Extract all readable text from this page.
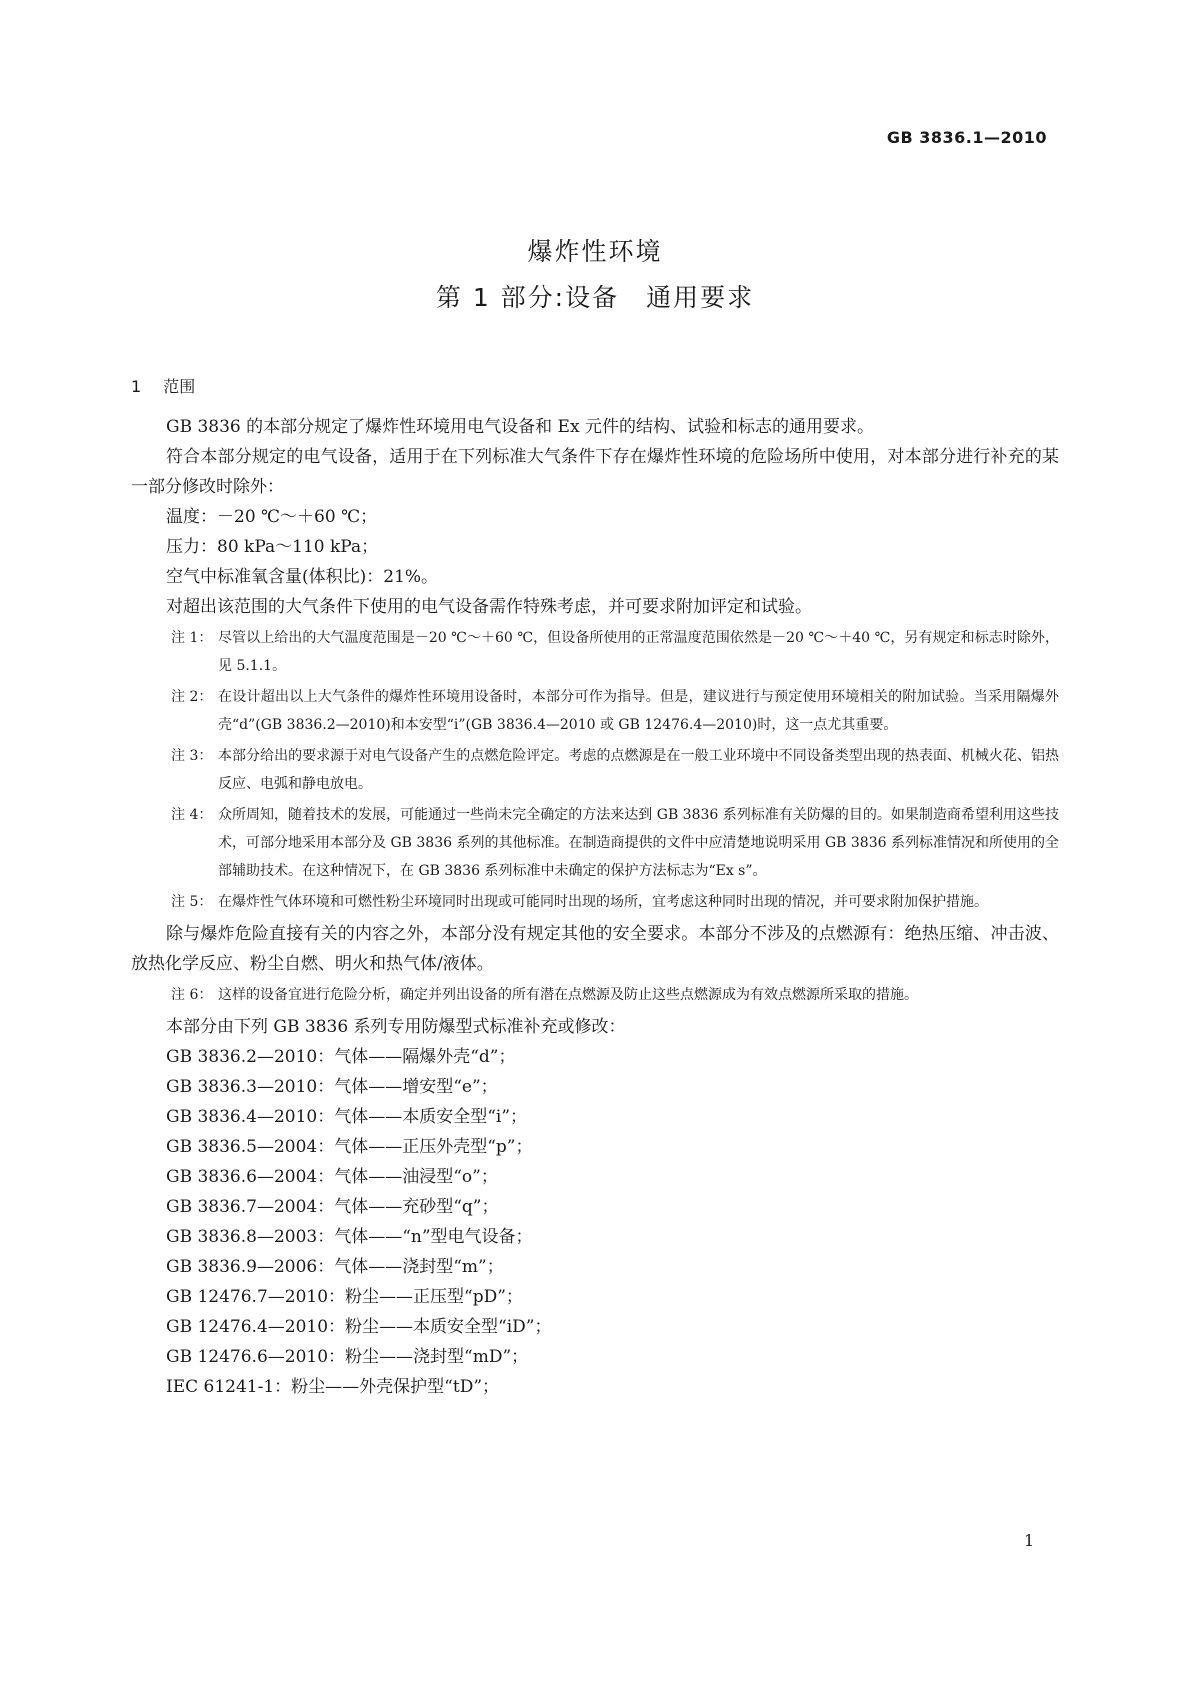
GB 3836.1—2010
爆炸性环境
第 1 部分:设备　通用要求
1 范围

GB 3836 的本部分规定了爆炸性环境用电气设备和 Ex 元件的结构、试验和标志的通用要求。

符合本部分规定的电气设备，适用于在下列标准大气条件下存在爆炸性环境的危险场所中使用，对本部分进行补充的某一部分修改时除外：

温度：－20 ℃～＋60 ℃；

压力：80 kPa～110 kPa；

空气中标准氧含量(体积比)：21%。

对超出该范围的大气条件下使用的电气设备需作特殊考虑，并可要求附加评定和试验。

注 1： 尽管以上给出的大气温度范围是－20 ℃～＋60 ℃，但设备所使用的正常温度范围依然是－20 ℃～＋40 ℃，另有规定和标志时除外，见 5.1.1。
注 2： 在设计超出以上大气条件的爆炸性环境用设备时，本部分可作为指导。但是，建议进行与预定使用环境相关的附加试验。当采用隔爆外壳“d”(GB 3836.2—2010)和本安型“i”(GB 3836.4—2010 或 GB 12476.4—2010)时，这一点尤其重要。
注 3： 本部分给出的要求源于对电气设备产生的点燃危险评定。考虑的点燃源是在一般工业环境中不同设备类型出现的热表面、机械火花、铝热反应、电弧和静电放电。
注 4： 众所周知，随着技术的发展，可能通过一些尚未完全确定的方法来达到 GB 3836 系列标准有关防爆的目的。如果制造商希望利用这些技术，可部分地采用本部分及 GB 3836 系列的其他标准。在制造商提供的文件中应清楚地说明采用 GB 3836 系列标准情况和所使用的全部辅助技术。在这种情况下，在 GB 3836 系列标准中未确定的保护方法标志为“Ex s”。
注 5： 在爆炸性气体环境和可燃性粉尘环境同时出现或可能同时出现的场所，宜考虑这种同时出现的情况，并可要求附加保护措施。

除与爆炸危险直接有关的内容之外，本部分没有规定其他的安全要求。本部分不涉及的点燃源有：绝热压缩、冲击波、放热化学反应、粉尘自燃、明火和热气体/液体。

注 6： 这样的设备宜进行危险分析，确定并列出设备的所有潜在点燃源及防止这些点燃源成为有效点燃源所采取的措施。

本部分由下列 GB 3836 系列专用防爆型式标准补充或修改：

GB 3836.2—2010：气体——隔爆外壳“d”；

GB 3836.3—2010：气体——增安型“e”；

GB 3836.4—2010：气体——本质安全型“i”；

GB 3836.5—2004：气体——正压外壳型“p”；

GB 3836.6—2004：气体——油浸型“o”；

GB 3836.7—2004：气体——充砂型“q”；

GB 3836.8—2003：气体——“n”型电气设备；

GB 3836.9—2006：气体——浇封型“m”；

GB 12476.7—2010：粉尘——正压型“pD”；

GB 12476.4—2010：粉尘——本质安全型“iD”；

GB 12476.6—2010：粉尘——浇封型“mD”；

IEC 61241-1：粉尘——外壳保护型“tD”；

1
